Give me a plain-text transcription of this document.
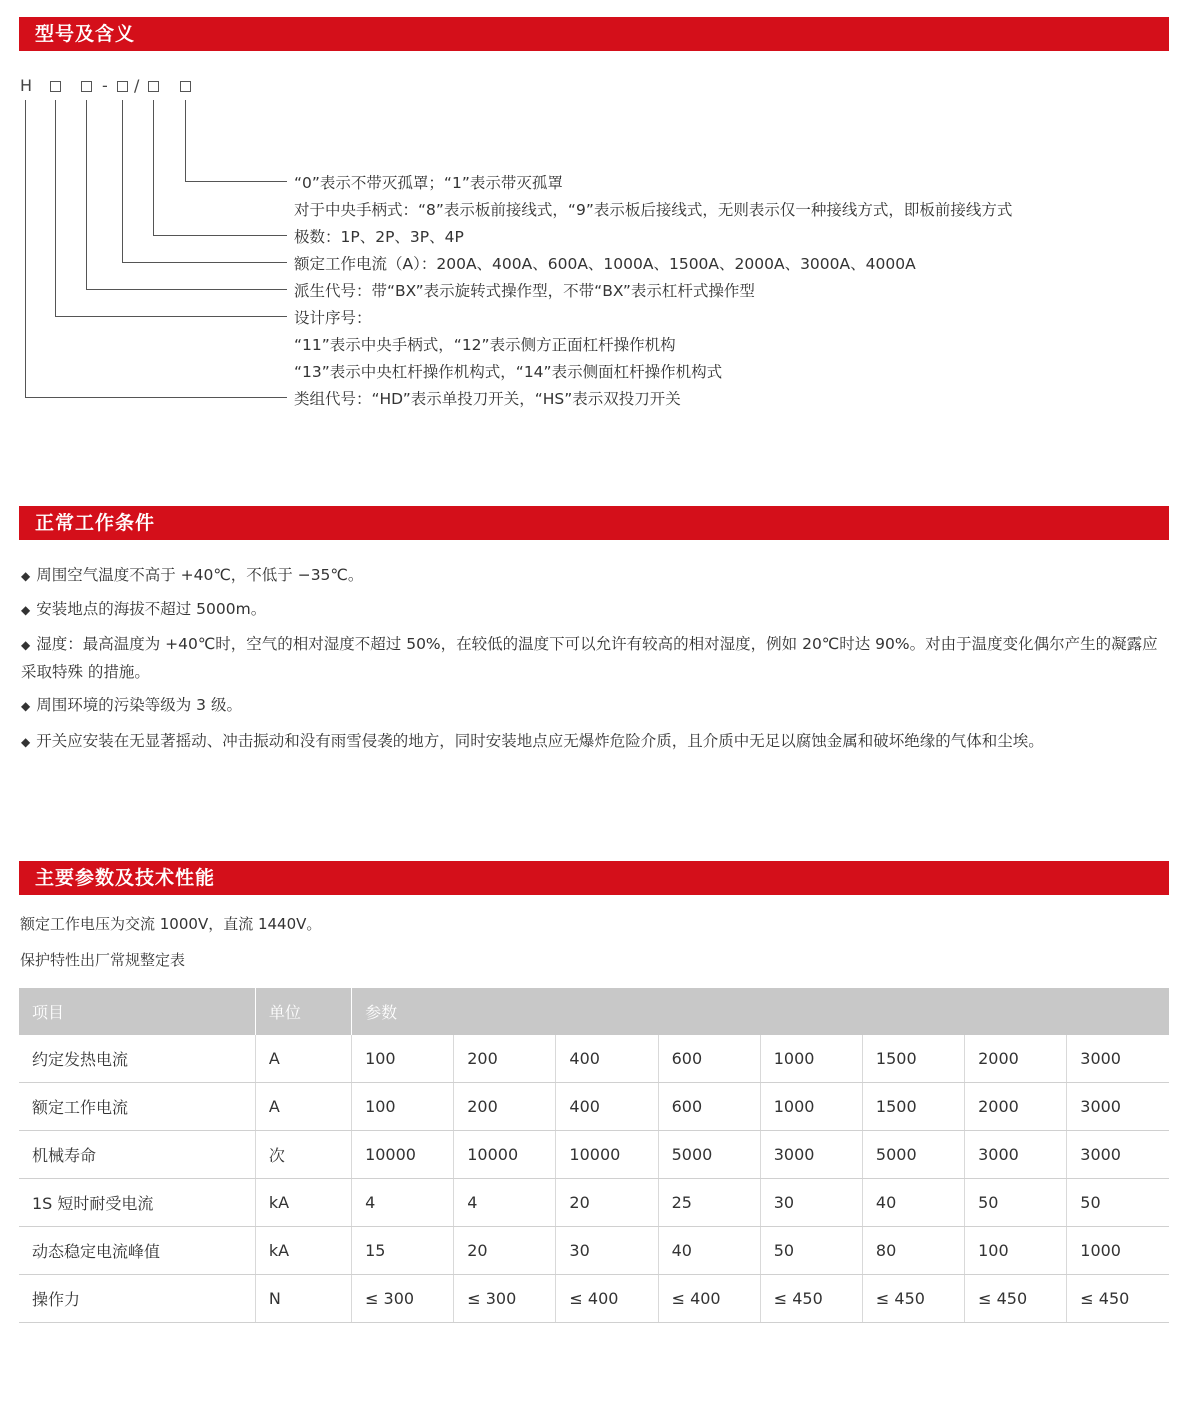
型号及含义
H	- /
“0”表示不带灭孤罩；“1”表示带灭孤罩
对于中央手柄式：“8”表示板前接线式，“9”表示板后接线式，无则表示仅一种接线方式，即板前接线方式
极数：1P、2P、3P、4P
额定工作电流（A）：200A、400A、600A、1000A、1500A、2000A、3000A、4000A
派生代号：带“BX”表示旋转式操作型，不带“BX”表示杠杆式操作型
设计序号：
“11”表示中央手柄式，“12”表示侧方正面杠杆操作机构
“13”表示中央杠杆操作机构式，“14”表示侧面杠杆操作机构式
类组代号：“HD”表示单投刀开关，“HS”表示双投刀开关
正常工作条件
◆ 周围空气温度不高于 +40℃，不低于 −35℃。
◆ 安装地点的海拔不超过 5000m。
◆ 湿度：最高温度为 +40℃时，空气的相对湿度不超过 50%，在较低的温度下可以允许有较高的相对湿度，例如 20℃时达 90%。对由于温度变化偶尔产生的凝露应采取特殊 的措施。
◆ 周围环境的污染等级为 3 级。
◆ 开关应安装在无显著摇动、冲击振动和没有雨雪侵袭的地方，同时安装地点应无爆炸危险介质，且介质中无足以腐蚀金属和破坏绝缘的气体和尘埃。
主要参数及技术性能
额定工作电压为交流 1000V，直流 1440V。
保护特性出厂常规整定表
项目	单位	参数							
约定发热电流	A	100	200	400	600	1000	1500	2000	3000
额定工作电流	A	100	200	400	600	1000	1500	2000	3000
机械寿命	次	10000	10000	10000	5000	3000	5000	3000	3000
1S 短时耐受电流	kA	4	4	20	25	30	40	50	50
动态稳定电流峰值	kA	15	20	30	40	50	80	100	1000
操作力	N	≤ 300	≤ 300	≤ 400	≤ 400	≤ 450	≤ 450	≤ 450	≤ 450
